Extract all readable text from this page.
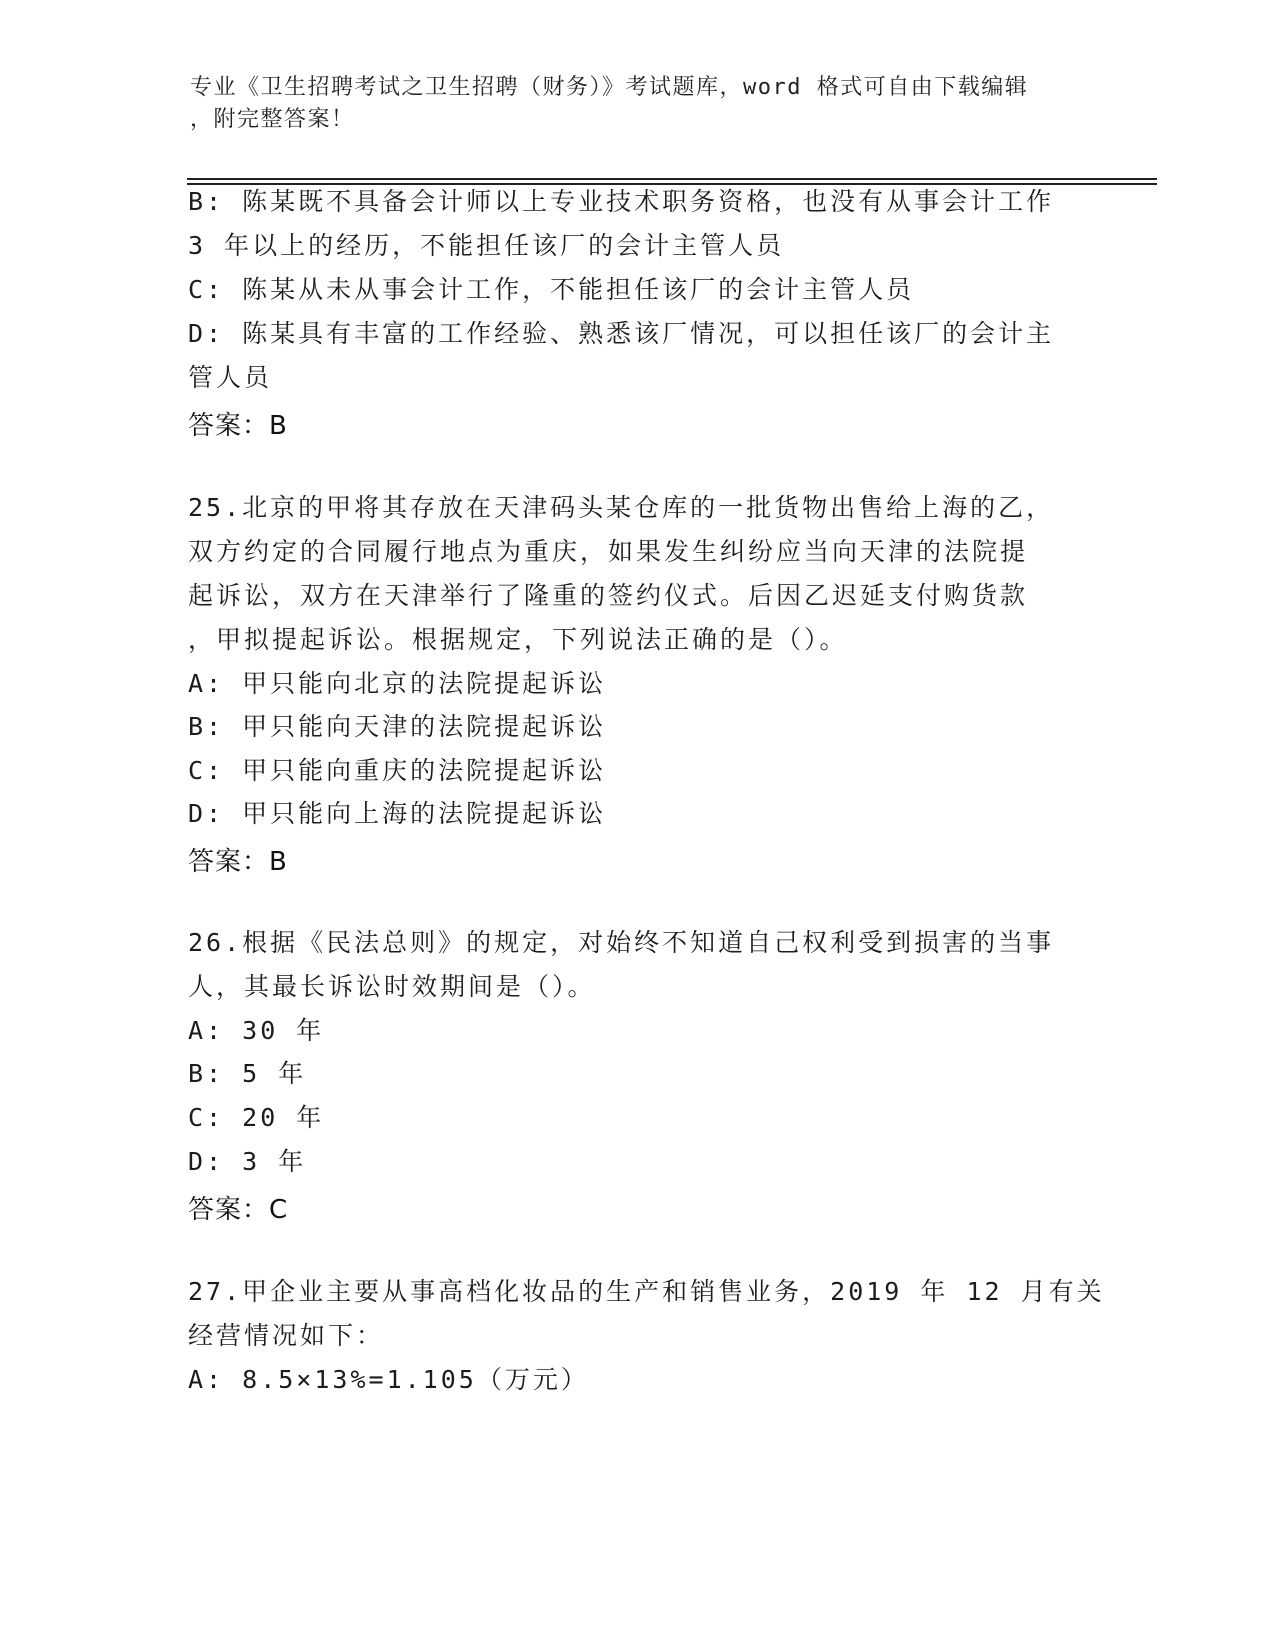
专业《卫生招聘考试之卫生招聘（财务）》考试题库，word 格式可自由下载编辑
，附完整答案！
B: 陈某既不具备会计师以上专业技术职务资格，也没有从事会计工作
3 年以上的经历，不能担任该厂的会计主管人员
C: 陈某从未从事会计工作，不能担任该厂的会计主管人员
D: 陈某具有丰富的工作经验、熟悉该厂情况，可以担任该厂的会计主
管人员
答案：B
25.北京的甲将其存放在天津码头某仓库的一批货物出售给上海的乙，
双方约定的合同履行地点为重庆，如果发生纠纷应当向天津的法院提
起诉讼，双方在天津举行了隆重的签约仪式。后因乙迟延支付购货款
，甲拟提起诉讼。根据规定，下列说法正确的是（）。
A: 甲只能向北京的法院提起诉讼
B: 甲只能向天津的法院提起诉讼
C: 甲只能向重庆的法院提起诉讼
D: 甲只能向上海的法院提起诉讼
答案：B
26.根据《民法总则》的规定，对始终不知道自己权利受到损害的当事
人，其最长诉讼时效期间是（）。
A: 30 年
B: 5 年
C: 20 年
D: 3 年
答案：C
27.甲企业主要从事高档化妆品的生产和销售业务，2019 年 12 月有关
经营情况如下：
A: 8.5×13%=1.105（万元）
